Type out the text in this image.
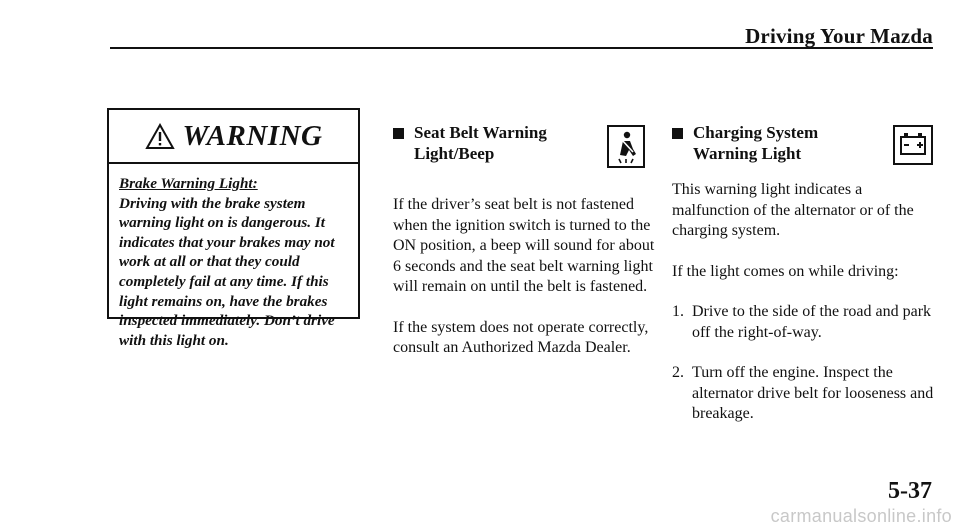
Driving Your Mazda
WARNING
Brake Warning Light:
Driving with the brake system warning light on is dangerous. It indicates that your brakes may not work at all or that they could completely fail at any time. If this light remains on, have the brakes inspected immediately. Don’t drive with this light on.
Seat Belt Warning
Light/Beep

If the driver’s seat belt is not fastened when the ignition switch is turned to the ON position, a beep will sound for about 6 seconds and the seat belt warning light will remain on until the belt is fastened.

If the system does not operate correctly, consult an Authorized Mazda Dealer.

Charging System
Warning Light

This warning light indicates a malfunction of the alternator or of the charging system.

If the light comes on while driving:

1. Drive to the side of the road and park off the right-of-way.
2. Turn off the engine. Inspect the alternator drive belt for looseness and breakage.
5-37
carmanualsonline.info
